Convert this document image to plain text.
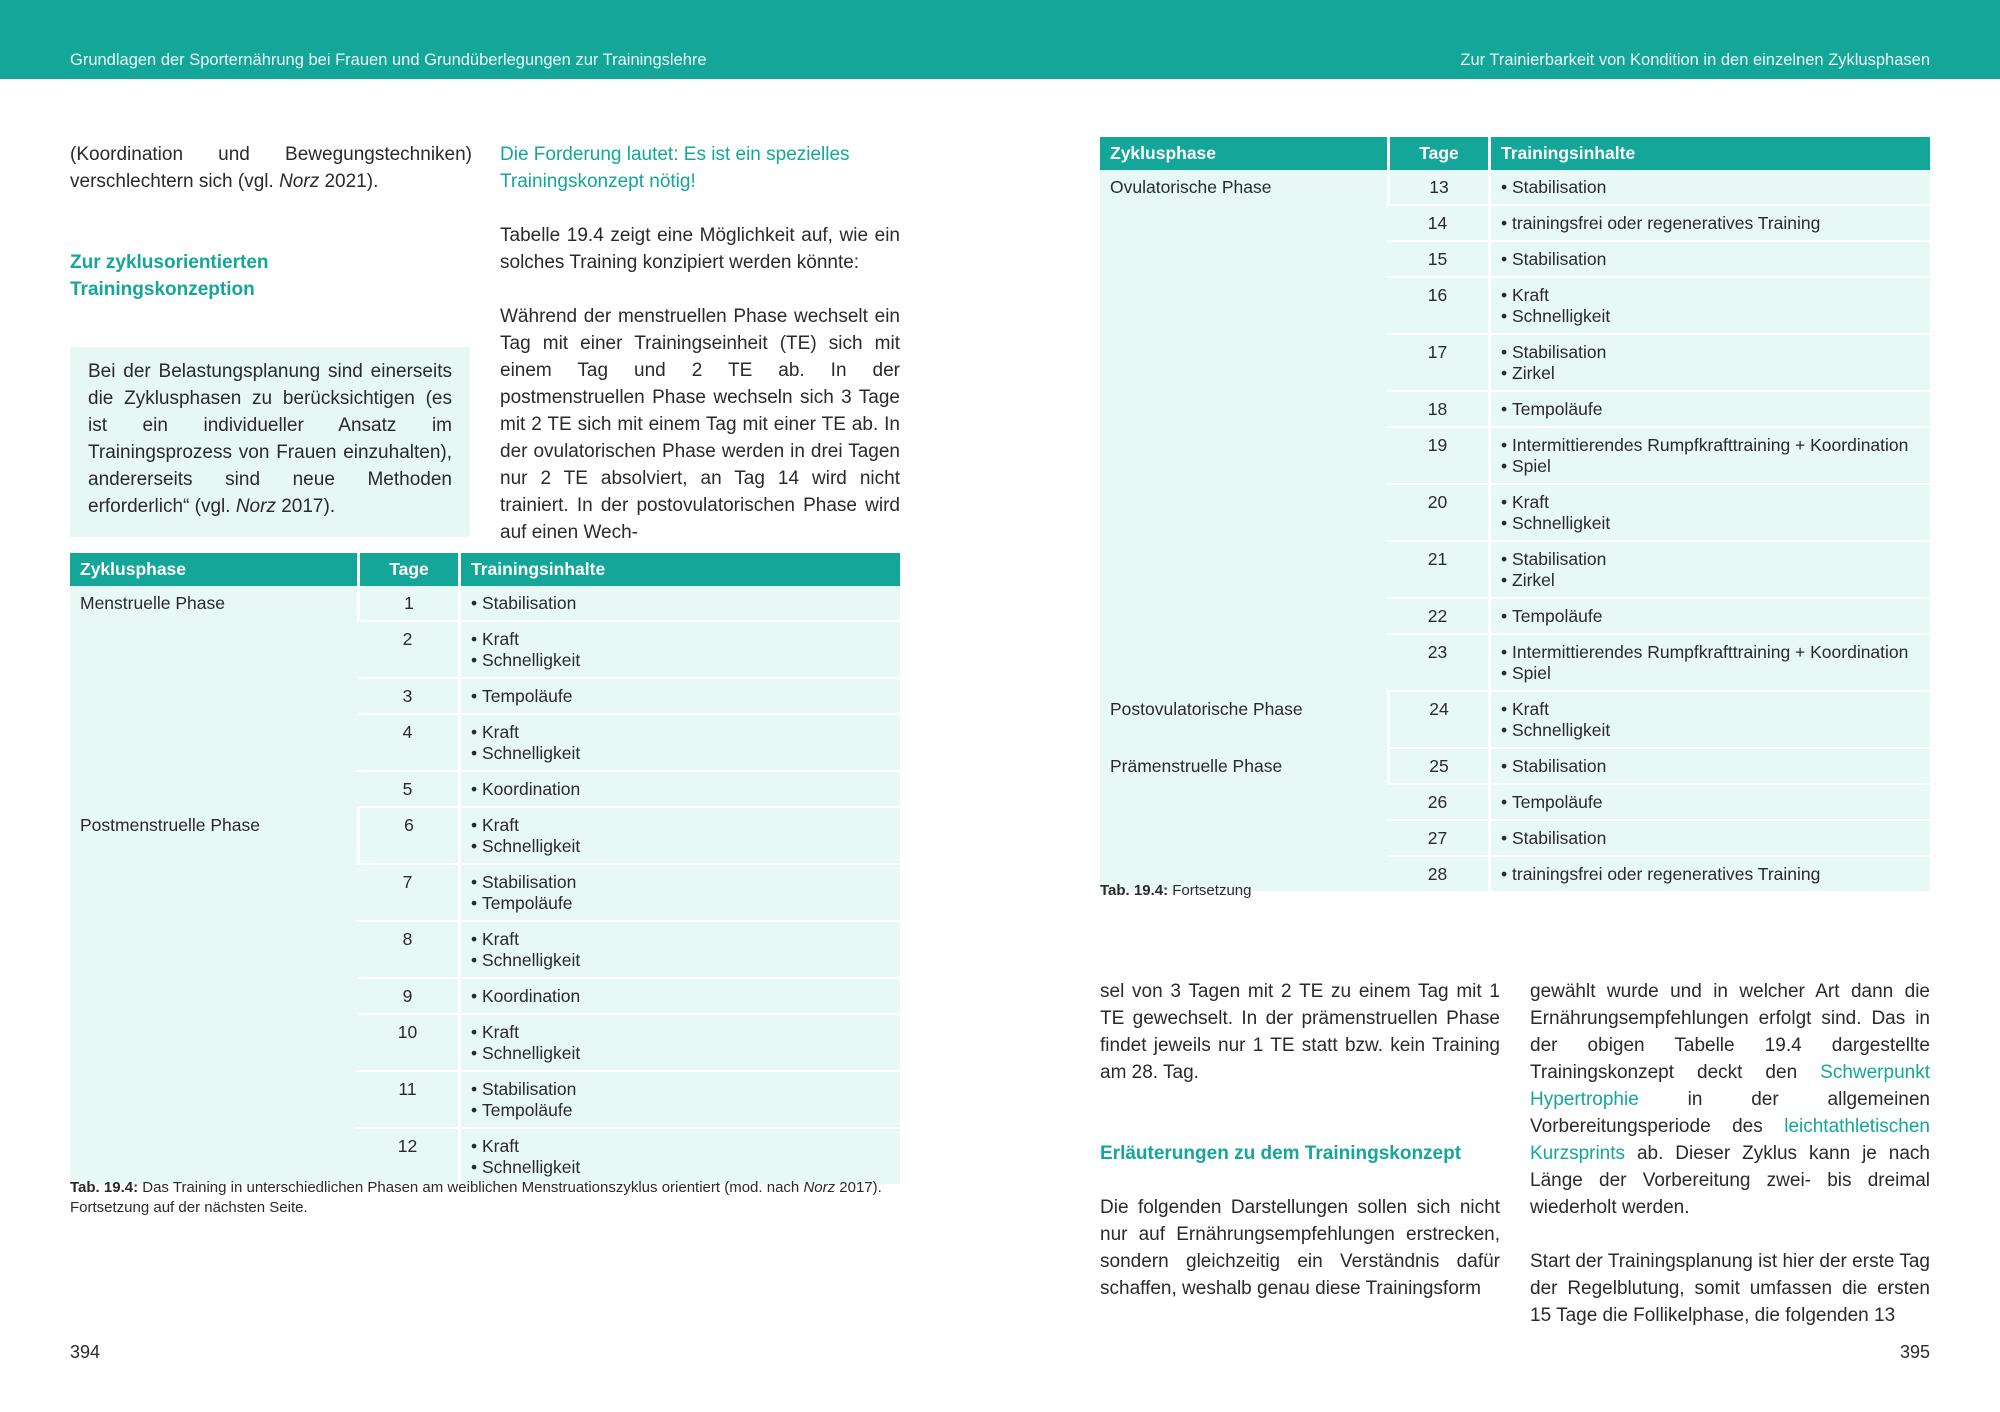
Grundlagen der Sporternährung bei Frauen und Grundüberlegungen zur Trainingslehre	Zur Trainierbarkeit von Kondition in den einzelnen Zyklusphasen

(Koordination und Bewegungstechniken) verschlechtern sich (vgl. Norz 2021).

Zur zyklusorientierten Trainingskonzeption

Bei der Belastungsplanung sind einerseits die Zyklusphasen zu berücksichtigen (es ist ein individueller Ansatz im Trainingsprozess von Frauen einzuhalten), andererseits sind neue Methoden erforderlich“ (vgl. Norz 2017).

Die Forderung lautet: Es ist ein spezielles Trainingskonzept nötig!

Tabelle 19.4 zeigt eine Möglichkeit auf, wie ein solches Training konzipiert werden könnte:

Während der menstruellen Phase wechselt ein Tag mit einer Trainingseinheit (TE) sich mit einem Tag und 2 TE ab. In der postmenstruellen Phase wechseln sich 3 Tage mit 2 TE sich mit einem Tag mit einer TE ab. In der ovulatorischen Phase werden in drei Tagen nur 2 TE absolviert, an Tag 14 wird nicht trainiert. In der postovulatorischen Phase wird auf einen Wech-

Zyklusphase	Tage	Trainingsinhalte
Menstruelle Phase	1	• Stabilisation

	2	• Kraft
• Schnelligkeit

	3	• Tempoläufe

	4	• Kraft
• Schnelligkeit

	5	• Koordination

Postmenstruelle Phase	6	• Kraft
• Schnelligkeit

	7	• Stabilisation
• Tempoläufe

	8	• Kraft
• Schnelligkeit

	9	• Koordination

	10	• Kraft
• Schnelligkeit

	11	• Stabilisation
• Tempoläufe

	12	• Kraft
• Schnelligkeit
Tab. 19.4: Das Training in unterschiedlichen Phasen am weiblichen Menstruationszyklus orientiert (mod. nach Norz 2017). Fortsetzung auf der nächsten Seite.
394
Zyklusphase	Tage	Trainingsinhalte
Ovulatorische Phase	13	• Stabilisation

	14	• trainingsfrei oder regeneratives Training

	15	• Stabilisation

	16	• Kraft
• Schnelligkeit

	17	• Stabilisation
• Zirkel

	18	• Tempoläufe

	19	• Intermittierendes Rumpfkrafttraining + Koordination
• Spiel

	20	• Kraft
• Schnelligkeit

	21	• Stabilisation
• Zirkel

	22	• Tempoläufe

	23	• Intermittierendes Rumpfkrafttraining + Koordination
• Spiel

Postovulatorische Phase	24	• Kraft
• Schnelligkeit

Prämenstruelle Phase	25	• Stabilisation

	26	• Tempoläufe

	27	• Stabilisation

	28	• trainingsfrei oder regeneratives Training
Tab. 19.4: Fortsetzung

sel von 3 Tagen mit 2 TE zu einem Tag mit 1 TE gewechselt. In der prämenstruellen Phase findet jeweils nur 1 TE statt bzw. kein Training am 28. Tag.

Erläuterungen zu dem Trainingskonzept

Die folgenden Darstellungen sollen sich nicht nur auf Ernährungsempfehlungen erstrecken, sondern gleichzeitig ein Verständnis dafür schaffen, weshalb genau diese Trainingsform

gewählt wurde und in welcher Art dann die Ernährungsempfehlungen erfolgt sind. Das in der obigen Tabelle 19.4 dargestellte Trainingskonzept deckt den Schwerpunkt Hypertrophie in der allgemeinen Vorbereitungsperiode des leichtathletischen Kurzsprints ab. Dieser Zyklus kann je nach Länge der Vorbereitung zwei- bis dreimal wiederholt werden.

Start der Trainingsplanung ist hier der erste Tag der Regelblutung, somit umfassen die ersten 15 Tage die Follikelphase, die folgenden 13

395
